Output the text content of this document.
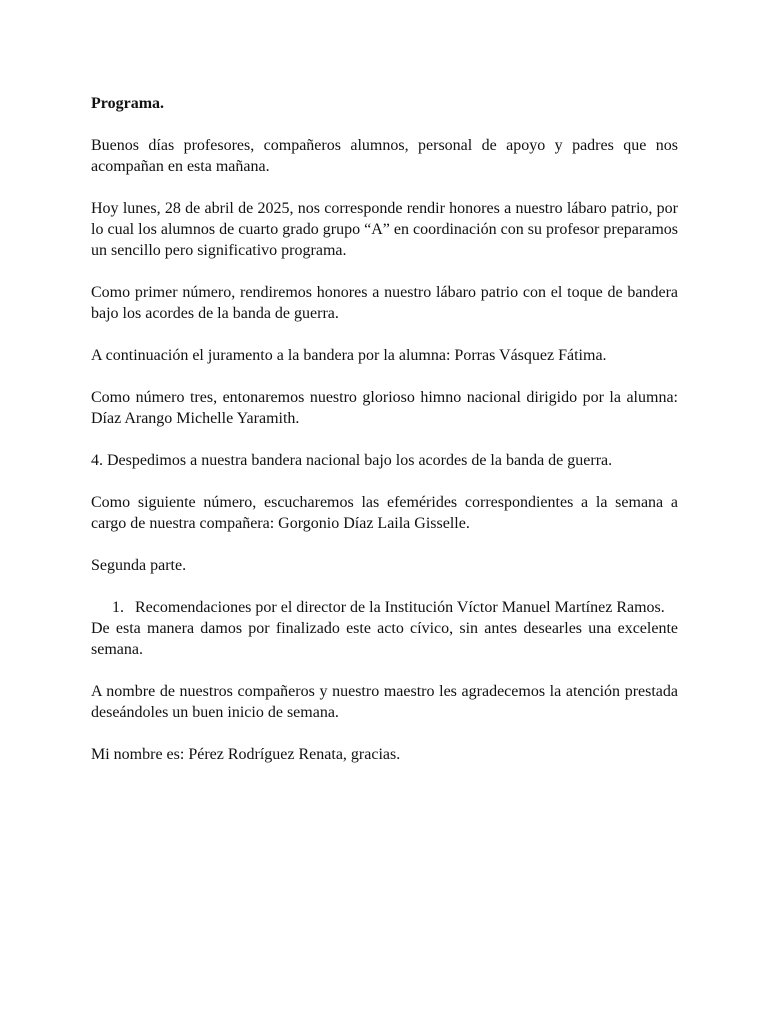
Programa.

Buenos días profesores, compañeros alumnos, personal de apoyo y padres que nos acompañan en esta mañana.

Hoy lunes, 28 de abril de 2025, nos corresponde rendir honores a nuestro lábaro patrio, por lo cual los alumnos de cuarto grado grupo “A” en coordinación con su profesor preparamos un sencillo pero significativo programa.

Como primer número, rendiremos honores a nuestro lábaro patrio con el toque de bandera bajo los acordes de la banda de guerra.

A continuación el juramento a la bandera por la alumna: Porras Vásquez Fátima.

Como número tres, entonaremos nuestro glorioso himno nacional dirigido por la alumna: Díaz Arango Michelle Yaramith.

4. Despedimos a nuestra bandera nacional bajo los acordes de la banda de guerra.

Como siguiente número, escucharemos las efemérides correspondientes a la semana a cargo de nuestra compañera: Gorgonio Díaz Laila Gisselle.

Segunda parte.

1. Recomendaciones por el director de la Institución Víctor Manuel Martínez Ramos.

De esta manera damos por finalizado este acto cívico, sin antes desearles una excelente semana.

A nombre de nuestros compañeros y nuestro maestro les agradecemos la atención prestada deseándoles un buen inicio de semana.

Mi nombre es: Pérez Rodríguez Renata, gracias.
